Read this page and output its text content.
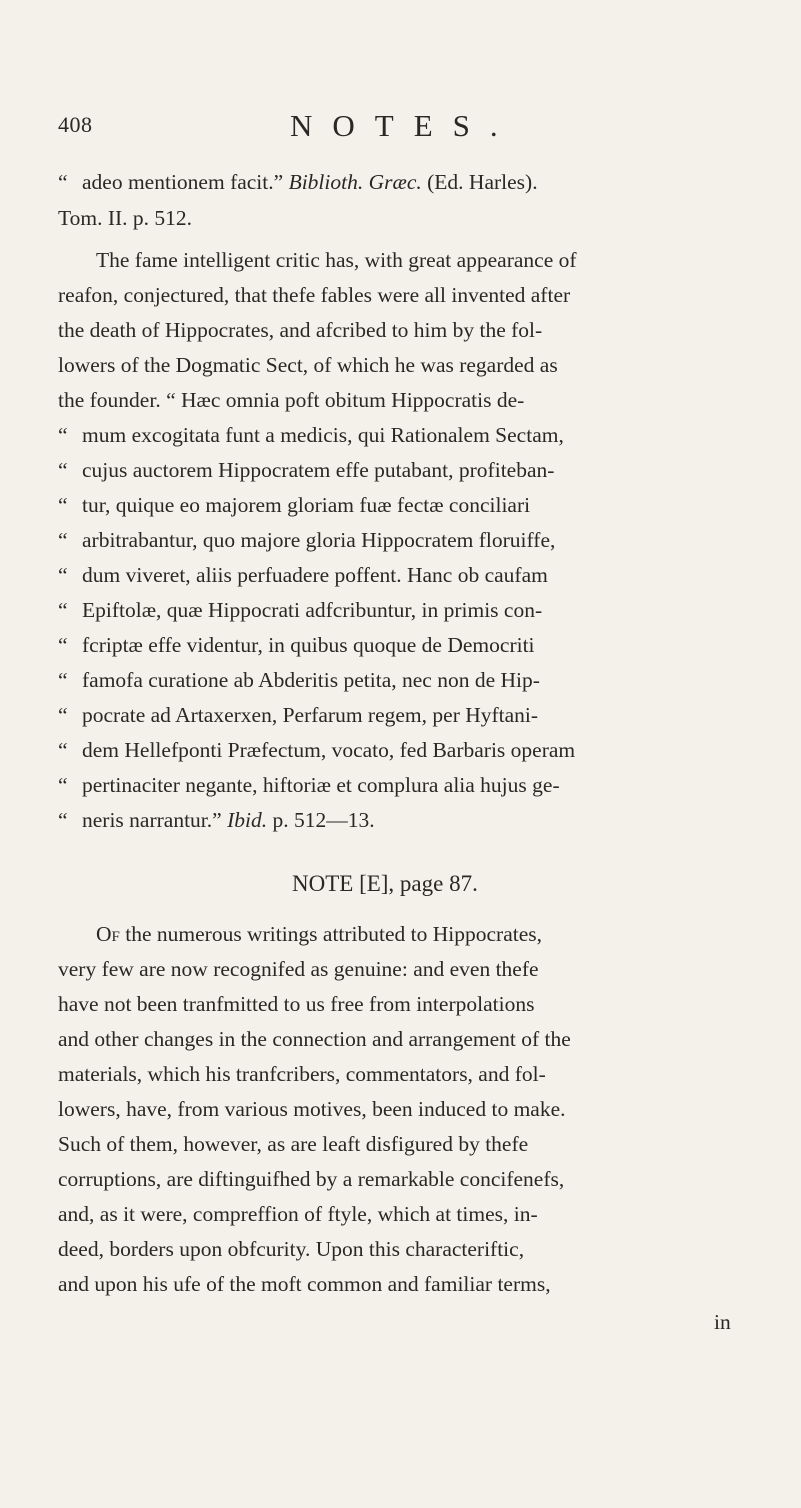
408	NOTES.
“ adeo mentionem facit.” Biblioth. Græc. (Ed. Harles).
Tom. II. p. 512.
The fame intelligent critic has, with great appearance of
reafon, conjectured, that thefe fables were all invented after
the death of Hippocrates, and afcribed to him by the fol-
lowers of the Dogmatic Sect, of which he was regarded as
the founder. “ Hæc omnia poft obitum Hippocratis de-
“ mum excogitata funt a medicis, qui Rationalem Sectam,
“ cujus auctorem Hippocratem effe putabant, profiteban-
“ tur, quique eo majorem gloriam fuæ fectæ conciliari
“ arbitrabantur, quo majore gloria Hippocratem floruiffe,
“ dum viveret, aliis perfuadere poffent. Hanc ob caufam
“ Epiftolæ, quæ Hippocrati adfcribuntur, in primis con-
“ fcriptæ effe videntur, in quibus quoque de Democriti
“ famofa curatione ab Abderitis petita, nec non de Hip-
“ pocrate ad Artaxerxen, Perfarum regem, per Hyftani-
“ dem Hellefponti Præfectum, vocato, fed Barbaris operam
“ pertinaciter negante, hiftoriæ et complura alia hujus ge-
“ neris narrantur.” Ibid. p. 512—13.
NOTE [E], page 87.
Of the numerous writings attributed to Hippocrates,
very few are now recognifed as genuine: and even thefe
have not been tranfmitted to us free from interpolations
and other changes in the connection and arrangement of the
materials, which his tranfcribers, commentators, and fol-
lowers, have, from various motives, been induced to make.
Such of them, however, as are leaft disfigured by thefe
corruptions, are diftinguifhed by a remarkable concifenefs,
and, as it were, compreffion of ftyle, which at times, in-
deed, borders upon obfcurity. Upon this characteriftic,
and upon his ufe of the moft common and familiar terms,
in
